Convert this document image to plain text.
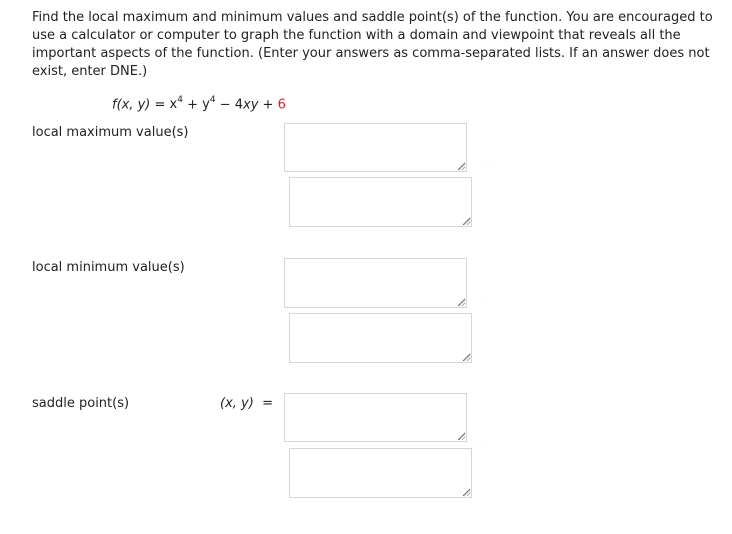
Find the local maximum and minimum values and saddle point(s) of the function. You are encouraged to use a calculator or computer to graph the function with a domain and viewpoint that reveals all the important aspects of the function. (Enter your answers as comma-separated lists. If an answer does not exist, enter DNE.)

f(x, $y) = x^4 + y^4 - 4xy + 6$
local maximum value(s)
local minimum value(s)
saddle point(s)	(x, y) =
